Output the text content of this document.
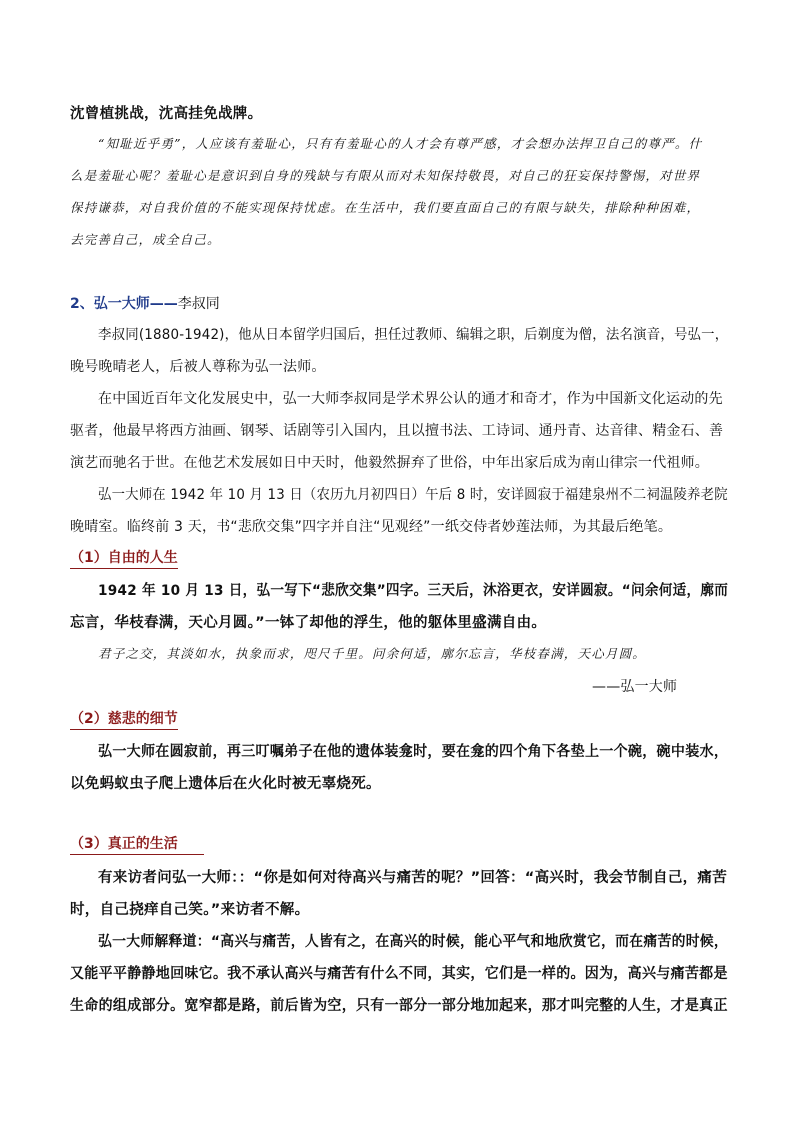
沈曾植挑战，沈高挂免战牌。

“知耻近乎勇”，人应该有羞耻心，只有有羞耻心的人才会有尊严感，才会想办法捍卫自己的尊严。什

么是羞耻心呢？羞耻心是意识到自身的残缺与有限从而对未知保持敬畏，对自己的狂妄保持警惕，对世界

保持谦恭，对自我价值的不能实现保持忧虑。在生活中，我们要直面自己的有限与缺失，排除种种困难，

去完善自己，成全自己。

2、弘一大师——李叔同

李叔同(1880-1942)，他从日本留学归国后，担任过教师、编辑之职，后剃度为僧，法名演音，号弘一，

晚号晚晴老人，后被人尊称为弘一法师。

在中国近百年文化发展史中，弘一大师李叔同是学术界公认的通才和奇才，作为中国新文化运动的先

驱者，他最早将西方油画、钢琴、话剧等引入国内，且以擅书法、工诗词、通丹青、达音律、精金石、善

演艺而驰名于世。在他艺术发展如日中天时，他毅然摒弃了世俗，中年出家后成为南山律宗一代祖师。

弘一大师在 1942 年 10 月 13 日（农历九月初四日）午后 8 时，安详圆寂于福建泉州不二祠温陵养老院

晚晴室。临终前 3 天，书“悲欣交集”四字并自注“见观经”一纸交侍者妙莲法师，为其最后绝笔。

（1）自由的人生

1942 年 10 月 13 日，弘一写下“悲欣交集”四字。三天后，沐浴更衣，安详圆寂。“问余何适，廓而

忘言，华枝春满，天心月圆。”一钵了却他的浮生，他的躯体里盛满自由。

君子之交，其淡如水，执象而求，咫尺千里。问余何适，廓尔忘言，华枝春满，天心月圆。

——弘一大师

（2）慈悲的细节

弘一大师在圆寂前，再三叮嘱弟子在他的遗体装龛时，要在龛的四个角下各垫上一个碗，碗中装水，

以免蚂蚁虫子爬上遗体后在火化时被无辜烧死。

（3）真正的生活

有来访者问弘一大师：：“你是如何对待高兴与痛苦的呢？”回答：“高兴时，我会节制自己，痛苦

时，自己挠痒自己笑。”来访者不解。

弘一大师解释道：“高兴与痛苦，人皆有之，在高兴的时候，能心平气和地欣赏它，而在痛苦的时候，

又能平平静静地回味它。我不承认高兴与痛苦有什么不同，其实，它们是一样的。因为，高兴与痛苦都是

生命的组成部分。宽窄都是路，前后皆为空，只有一部分一部分地加起来，那才叫完整的人生，才是真正
